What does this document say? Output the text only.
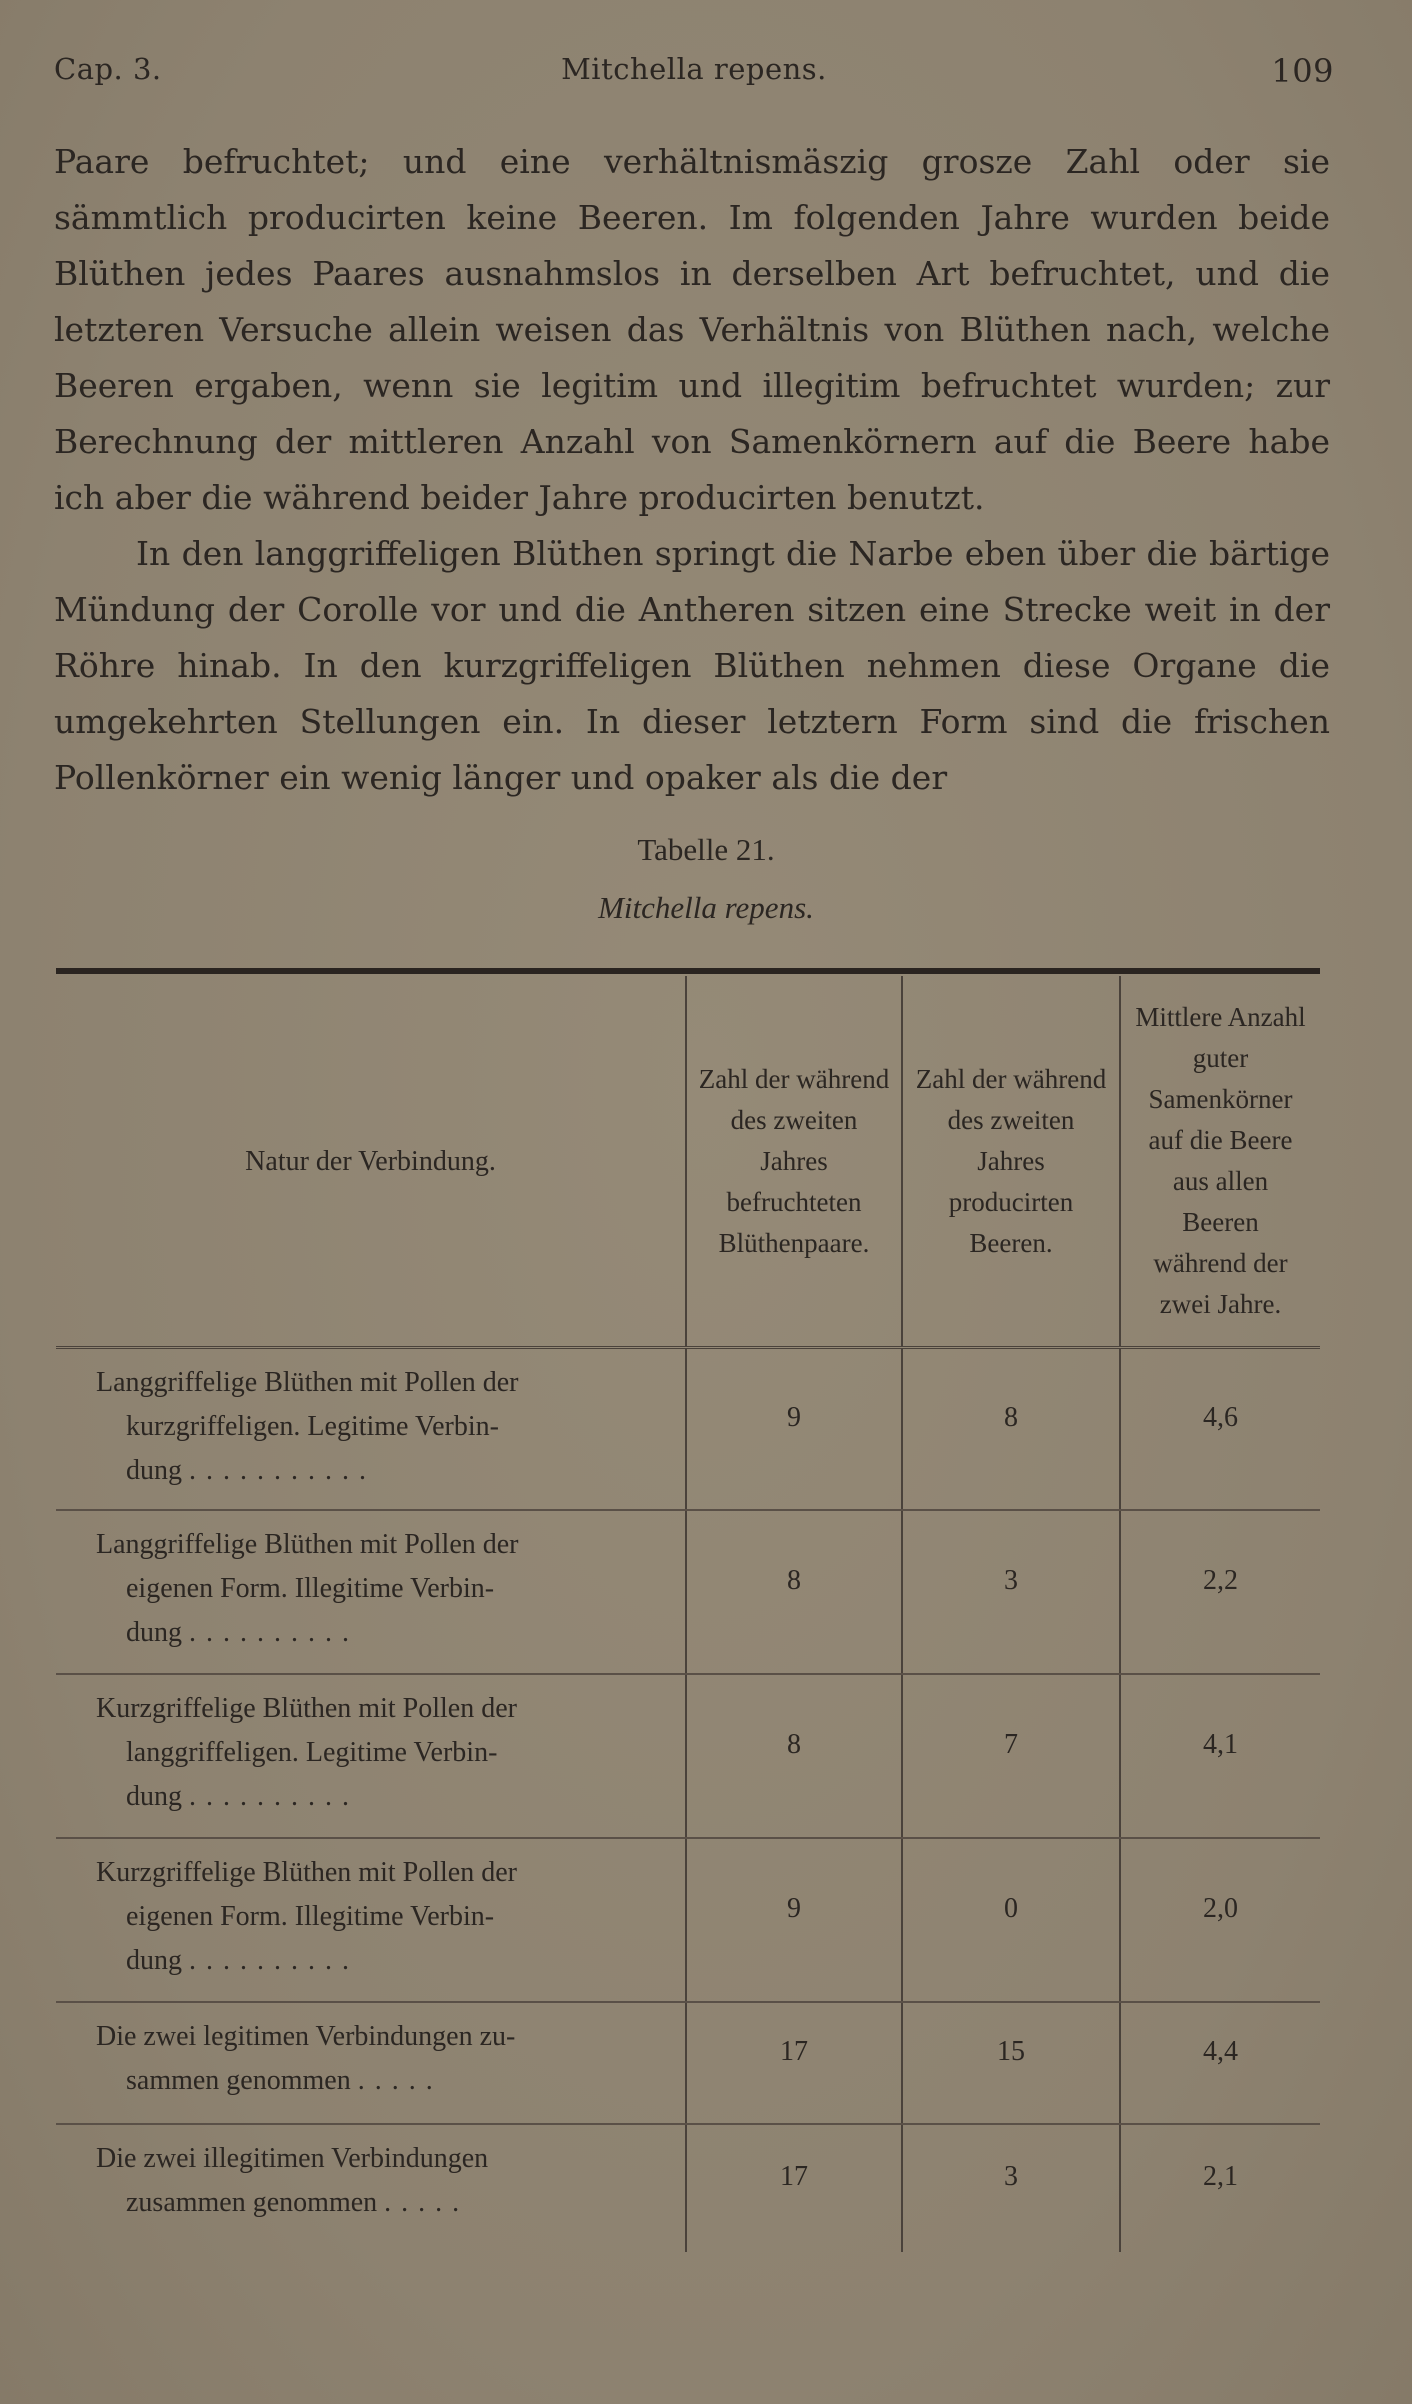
Cap. 3.	Mitchella repens.	109

Paare befruchtet; und eine verhältnismäszig grosze Zahl oder sie sämmtlich producirten keine Beeren. Im folgenden Jahre wurden beide Blüthen jedes Paares ausnahmslos in derselben Art befruchtet, und die letzteren Versuche allein weisen das Verhältnis von Blüthen nach, welche Beeren ergaben, wenn sie legitim und illegitim befruchtet wurden; zur Berechnung der mittleren Anzahl von Samenkörnern auf die Beere habe ich aber die während beider Jahre producirten benutzt.

In den langgriffeligen Blüthen springt die Narbe eben über die bärtige Mündung der Corolle vor und die Antheren sitzen eine Strecke weit in der Röhre hinab. In den kurzgriffeligen Blüthen nehmen diese Organe die umgekehrten Stellungen ein. In dieser letztern Form sind die frischen Pollenkörner ein wenig länger und opaker als die der

Tabelle 21.
Mitchella repens.
Natur der Verbindung.	Zahl der während des zweiten Jahres befruchteten Blüthenpaare.	Zahl der während des zweiten Jahres producirten Beeren.	Mittlere Anzahl guter Samenkörner auf die Beere aus allen Beeren während der zwei Jahre.

Langgriffelige Blüthen mit Pollen der
kurzgriffeligen. Legitime Verbin-
dung ...........	9	8	4,6

Langgriffelige Blüthen mit Pollen der
eigenen Form. Illegitime Verbin-
dung ..........	8	3	2,2

Kurzgriffelige Blüthen mit Pollen der
langgriffeligen. Legitime Verbin-
dung ..........	8	7	4,1

Kurzgriffelige Blüthen mit Pollen der
eigenen Form. Illegitime Verbin-
dung ..........	9	0	2,0

Die zwei legitimen Verbindungen zu-
sammen genommen .....	17	15	4,4

Die zwei illegitimen Verbindungen
zusammen genommen .....	17	3	2,1
